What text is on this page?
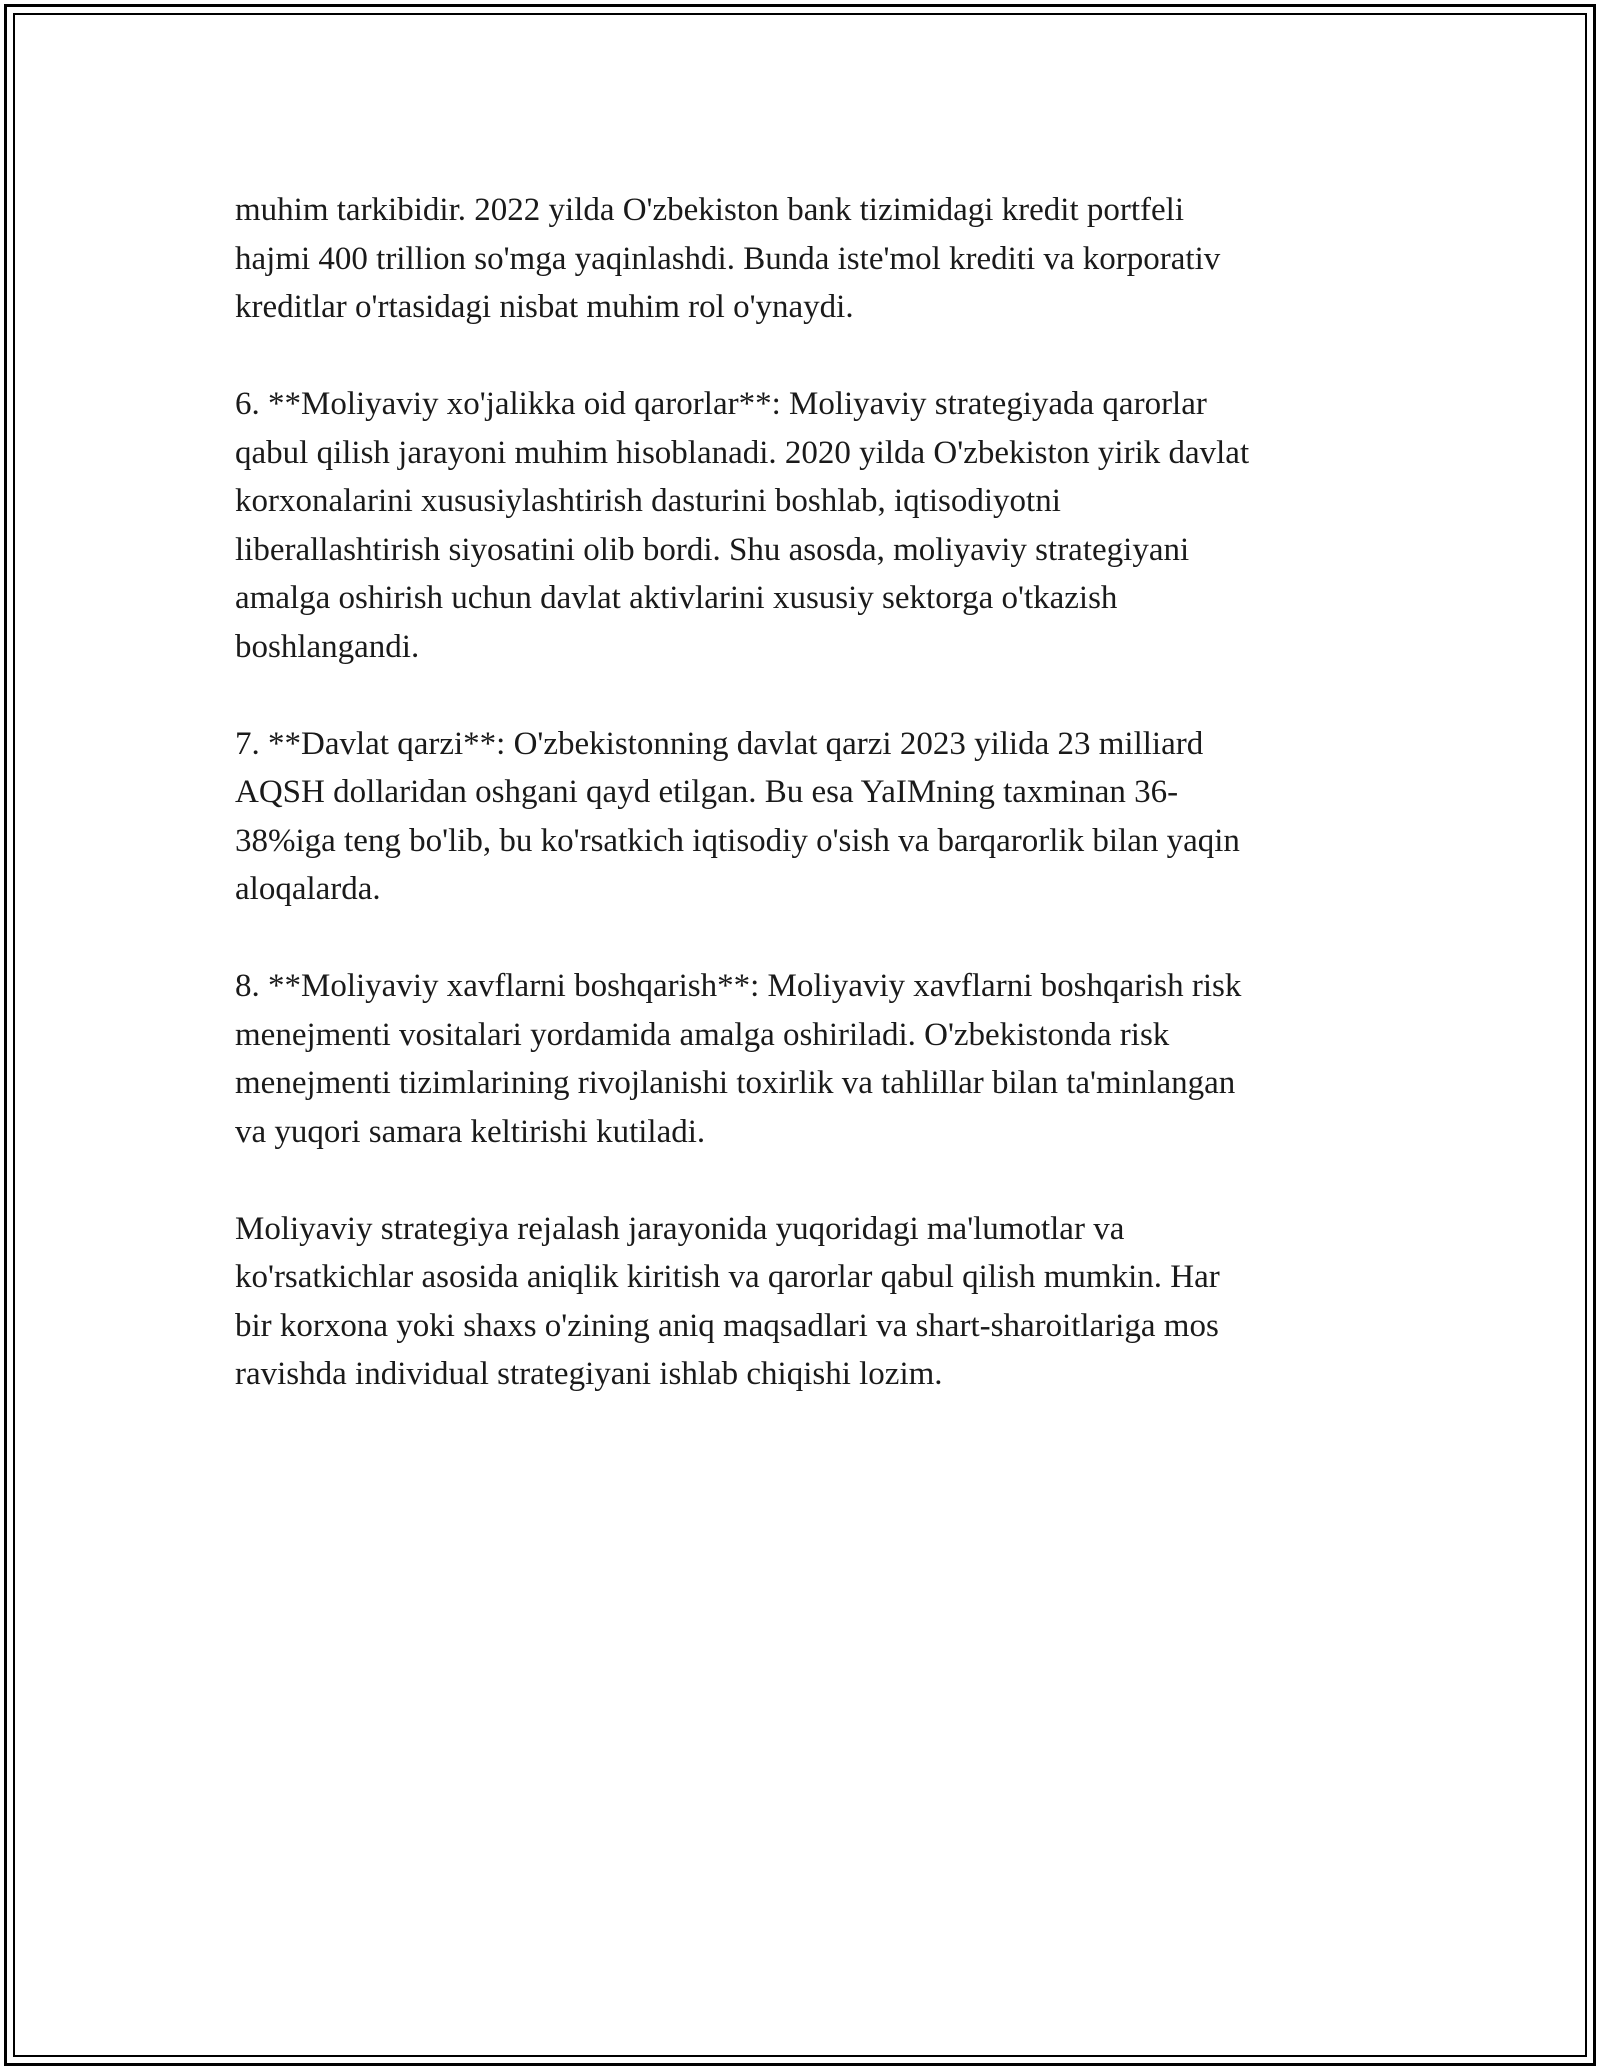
muhim tarkibidir. 2022 yilda O'zbekiston bank tizimidagi kredit portfeli
hajmi 400 trillion so'mga yaqinlashdi. Bunda iste'mol krediti va korporativ
kreditlar o'rtasidagi nisbat muhim rol o'ynaydi.

6. **Moliyaviy xo'jalikka oid qarorlar**: Moliyaviy strategiyada qarorlar
qabul qilish jarayoni muhim hisoblanadi. 2020 yilda O'zbekiston yirik davlat
korxonalarini xususiylashtirish dasturini boshlab, iqtisodiyotni
liberallashtirish siyosatini olib bordi. Shu asosda, moliyaviy strategiyani
amalga oshirish uchun davlat aktivlarini xususiy sektorga o'tkazish
boshlangandi.

7. **Davlat qarzi**: O'zbekistonning davlat qarzi 2023 yilida 23 milliard
AQSH dollaridan oshgani qayd etilgan. Bu esa YaIMning taxminan 36-
38%iga teng bo'lib, bu ko'rsatkich iqtisodiy o'sish va barqarorlik bilan yaqin
aloqalarda.

8. **Moliyaviy xavflarni boshqarish**: Moliyaviy xavflarni boshqarish risk
menejmenti vositalari yordamida amalga oshiriladi. O'zbekistonda risk
menejmenti tizimlarining rivojlanishi toxirlik va tahlillar bilan ta'minlangan
va yuqori samara keltirishi kutiladi.

Moliyaviy strategiya rejalash jarayonida yuqoridagi ma'lumotlar va
ko'rsatkichlar asosida aniqlik kiritish va qarorlar qabul qilish mumkin. Har
bir korxona yoki shaxs o'zining aniq maqsadlari va shart-sharoitlariga mos
ravishda individual strategiyani ishlab chiqishi lozim.
